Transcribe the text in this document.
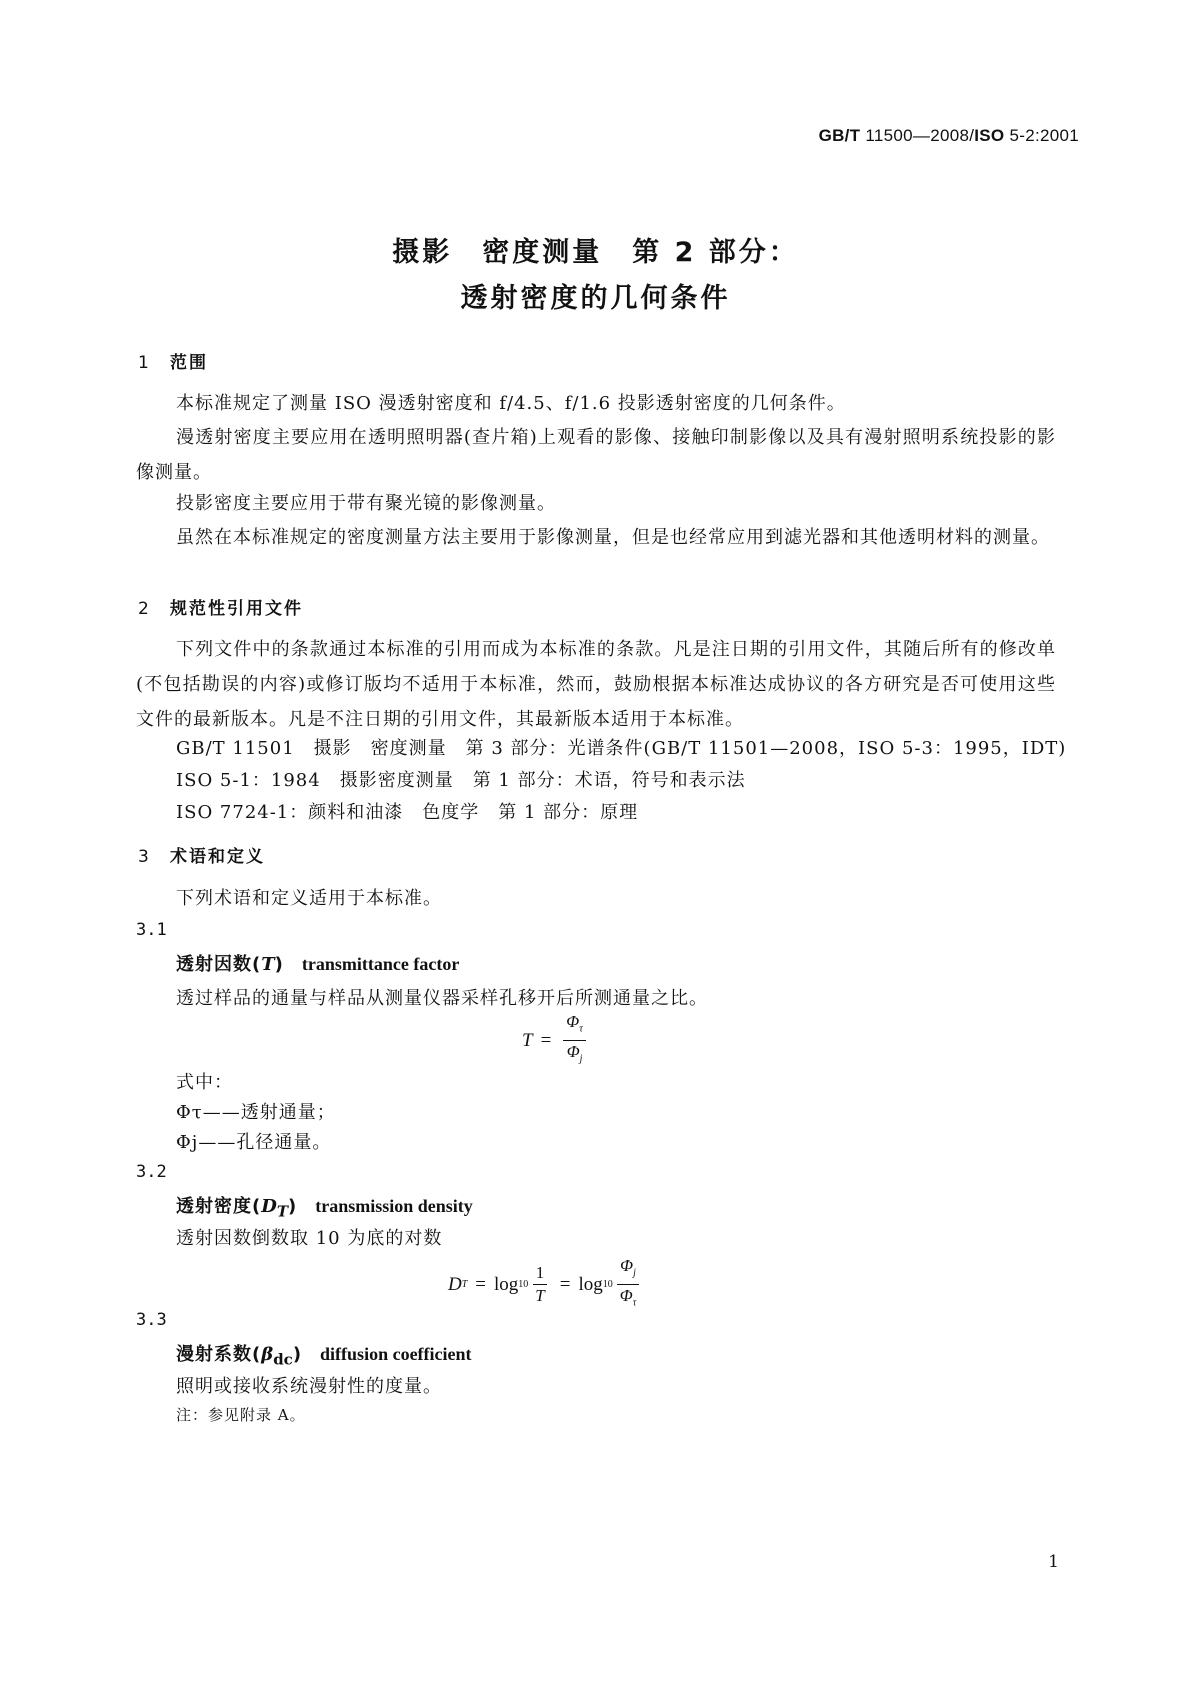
GB/T 11500—2008/ISO 5-2:2001
摄影　密度测量　第 2 部分：
透射密度的几何条件
1 范围
本标准规定了测量 ISO 漫透射密度和 f/4.5、f/1.6 投影透射密度的几何条件。
漫透射密度主要应用在透明照明器(查片箱)上观看的影像、接触印制影像以及具有漫射照明系统投影的影像测量。
投影密度主要应用于带有聚光镜的影像测量。
虽然在本标准规定的密度测量方法主要用于影像测量，但是也经常应用到滤光器和其他透明材料的测量。
2 规范性引用文件
下列文件中的条款通过本标准的引用而成为本标准的条款。凡是注日期的引用文件，其随后所有的修改单(不包括勘误的内容)或修订版均不适用于本标准，然而，鼓励根据本标准达成协议的各方研究是否可使用这些文件的最新版本。凡是不注日期的引用文件，其最新版本适用于本标准。
GB/T 11501　摄影　密度测量　第 3 部分：光谱条件(GB/T 11501—2008，ISO 5-3：1995，IDT)
ISO 5-1：1984　摄影密度测量　第 1 部分：术语，符号和表示法
ISO 7724-1：颜料和油漆　色度学　第 1 部分：原理
3 术语和定义
下列术语和定义适用于本标准。
3.1
透射因数(T) transmittance factor
透过样品的通量与样品从测量仪器采样孔移开后所测通量之比。
$T = \frac{\Phi_\tau}{\Phi_j}$
式中：
Φτ——透射通量；
Φj——孔径通量。
3.2
透射密度$(D_T)$ transmission density
透射因数倒数取 10 为底的对数
D $T = \log 10 \frac{1}{T} = \log 10 \frac{\Phi_j}{\Phi_\tau}$
3.3
漫射系数$(\beta_{dc})$ diffusion coefficient
照明或接收系统漫射性的度量。
注：参见附录 A。
1
